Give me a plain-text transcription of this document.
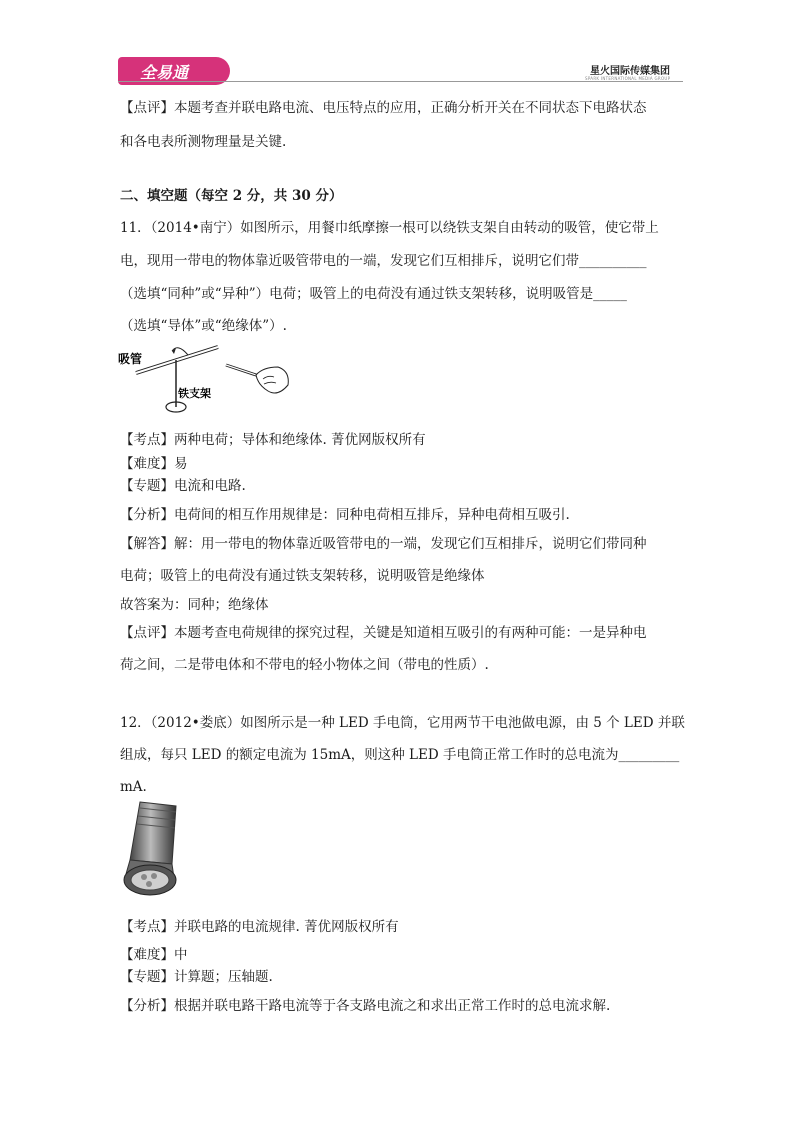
全易通	星火国际传媒集团
SPARK INTERNATIONAL MEDIA GROUP
【点评】本题考查并联电路电流、电压特点的应用，正确分析开关在不同状态下电路状态
和各电表所测物理量是关键.
二、填空题（每空 2 分，共 30 分）
11．（2014•南宁）如图所示，用餐巾纸摩擦一根可以绕铁支架自由转动的吸管，使它带上
电，现用一带电的物体靠近吸管带电的一端，发现它们互相排斥，说明它们带__________
（选填“同种”或“异种”）电荷；吸管上的电荷没有通过铁支架转移，说明吸管是_____
（选填“导体”或“绝缘体”）.
吸管
铁支架
【考点】两种电荷；导体和绝缘体. 菁优网版权所有
【难度】易
【专题】电流和电路.
【分析】电荷间的相互作用规律是：同种电荷相互排斥，异种电荷相互吸引.
【解答】解：用一带电的物体靠近吸管带电的一端，发现它们互相排斥，说明它们带同种
电荷；吸管上的电荷没有通过铁支架转移，说明吸管是绝缘体
故答案为：同种；绝缘体
【点评】本题考查电荷规律的探究过程，关键是知道相互吸引的有两种可能：一是异种电
荷之间，二是带电体和不带电的轻小物体之间（带电的性质）.
12．（2012•娄底）如图所示是一种 LED 手电筒，它用两节干电池做电源，由 5 个 LED 并联
组成，每只 LED 的额定电流为 15mA，则这种 LED 手电筒正常工作时的总电流为_________
mA.
【考点】并联电路的电流规律. 菁优网版权所有
【难度】中
【专题】计算题；压轴题.
【分析】根据并联电路干路电流等于各支路电流之和求出正常工作时的总电流求解.
